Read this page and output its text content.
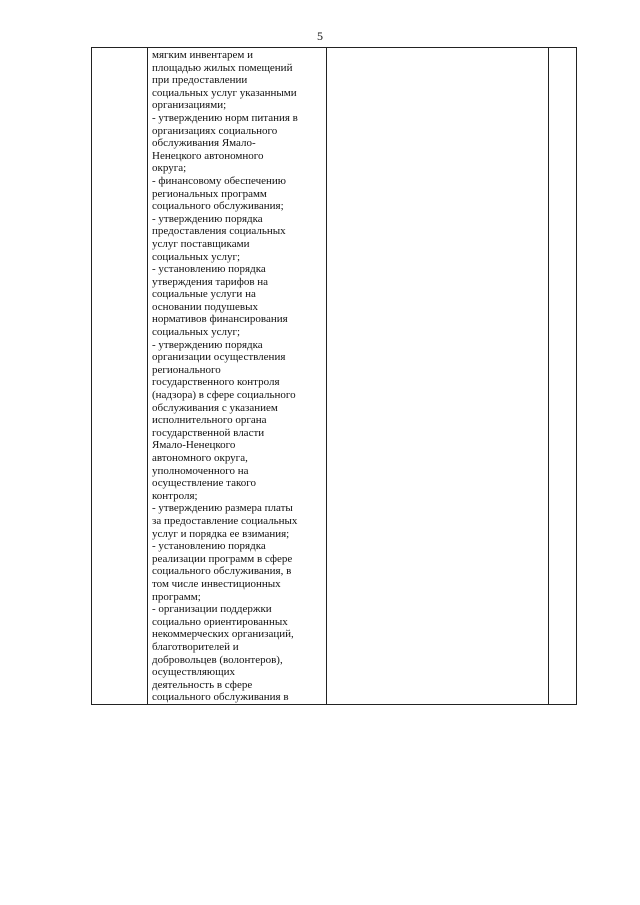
5

мягким инвентарем и
площадью жилых помещений
при предоставлении
социальных услуг указанными
организациями;
- утверждению норм питания в
организациях социального
обслуживания Ямало-
Ненецкого автономного
округа;
- финансовому обеспечению
региональных программ
социального обслуживания;
- утверждению порядка
предоставления социальных
услуг поставщиками
социальных услуг;
- установлению порядка
утверждения тарифов на
социальные услуги на
основании подушевых
нормативов финансирования
социальных услуг;
- утверждению порядка
организации осуществления
регионального
государственного контроля
(надзора) в сфере социального
обслуживания с указанием
исполнительного органа
государственной власти
Ямало-Ненецкого
автономного округа,
уполномоченного на
осуществление такого
контроля;
- утверждению размера платы
за предоставление социальных
услуг и порядка ее взимания;
- установлению порядка
реализации программ в сфере
социального обслуживания, в
том числе инвестиционных
программ;
- организации поддержки
социально ориентированных
некоммерческих организаций,
благотворителей и
добровольцев (волонтеров),
осуществляющих
деятельность в сфере
социального обслуживания в
